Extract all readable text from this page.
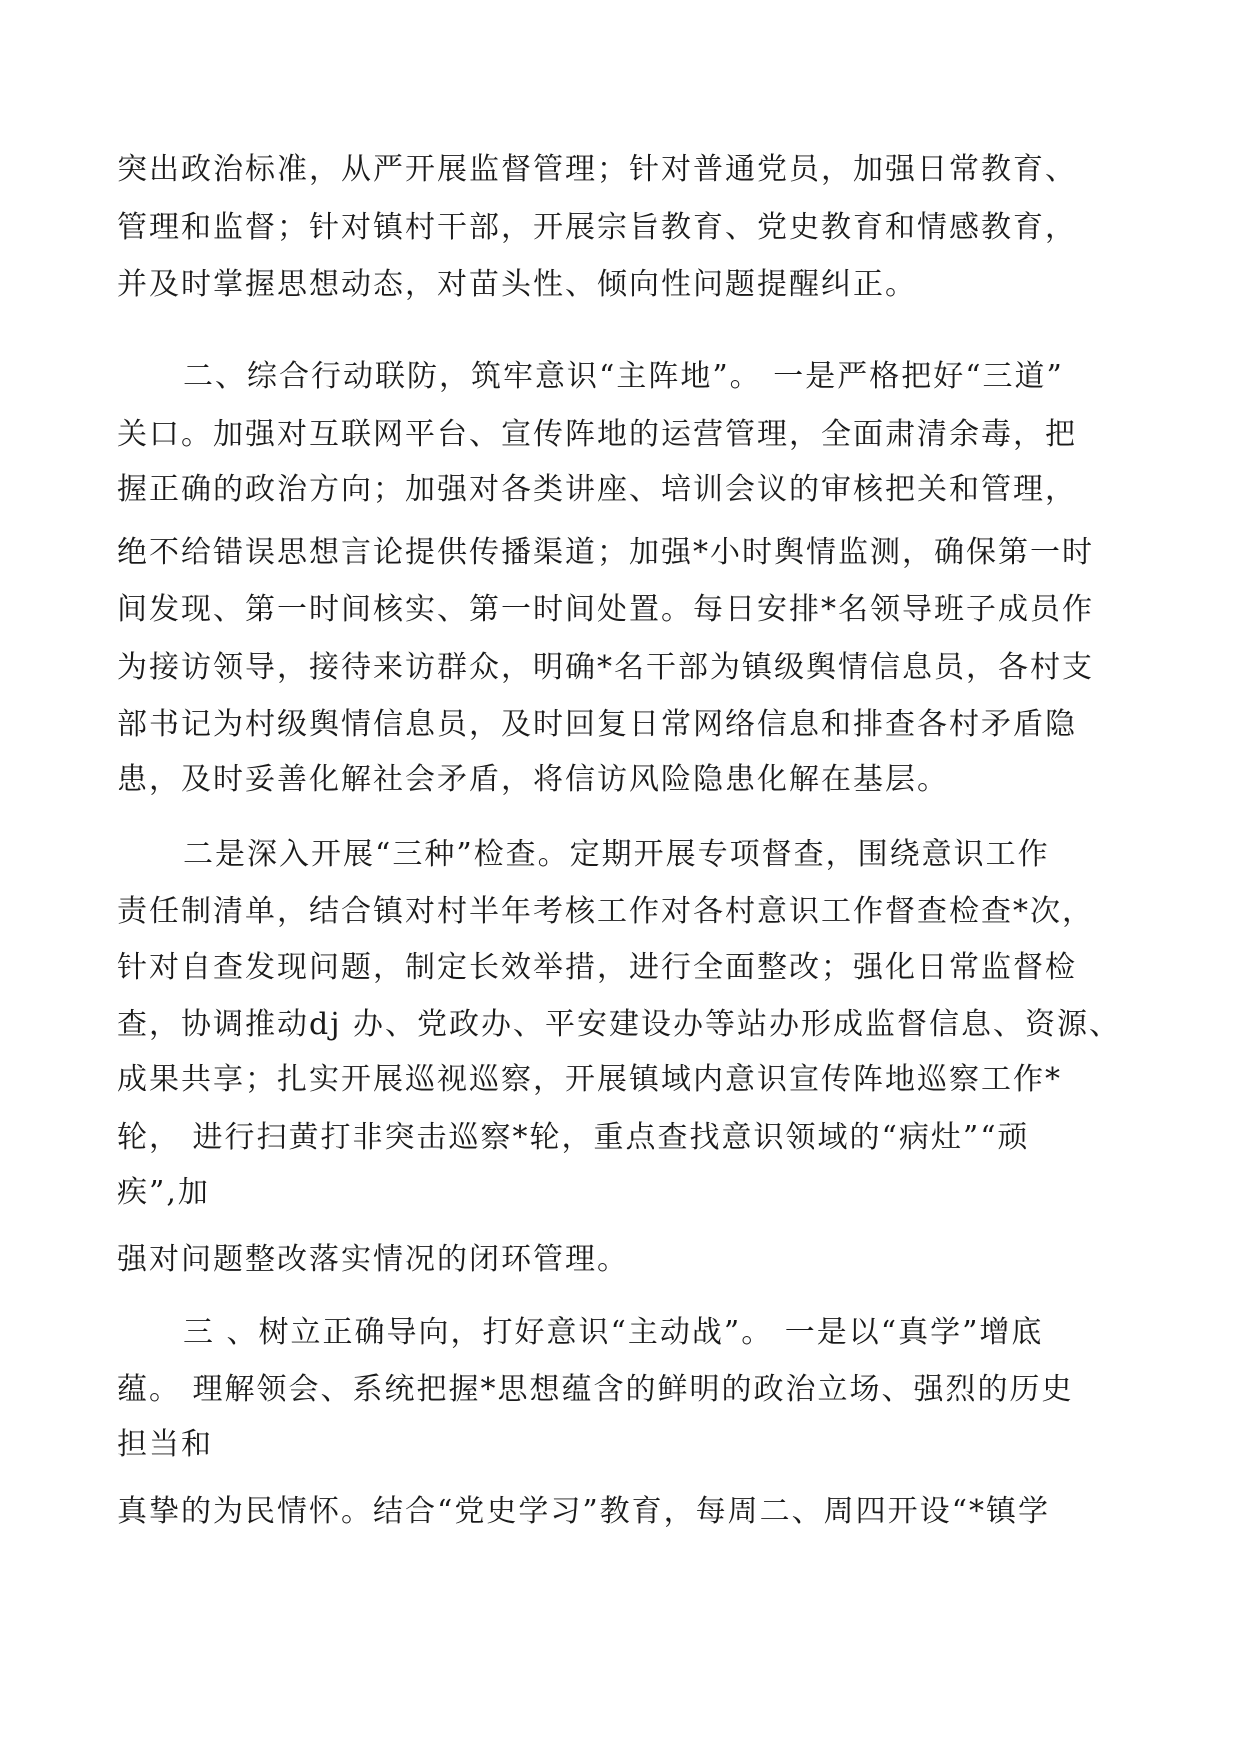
突出政治标准，从严开展监督管理；针对普通党员，加强日常教育、
管理和监督；针对镇村干部，开展宗旨教育、党史教育和情感教育，
并及时掌握思想动态，对苗头性、倾向性问题提醒纠正。
二、综合行动联防，筑牢意识“主阵地”。 一是严格把好“三道”
关口。加强对互联网平台、宣传阵地的运营管理，全面肃清余毒，把
握正确的政治方向；加强对各类讲座、培训会议的审核把关和管理，
绝不给错误思想言论提供传播渠道；加强*小时舆情监测，确保第一时
间发现、第一时间核实、第一时间处置。每日安排*名领导班子成员作
为接访领导，接待来访群众，明确*名干部为镇级舆情信息员，各村支
部书记为村级舆情信息员，及时回复日常网络信息和排查各村矛盾隐
患，及时妥善化解社会矛盾，将信访风险隐患化解在基层。
二是深入开展“三种”检查。定期开展专项督查，围绕意识工作
责任制清单，结合镇对村半年考核工作对各村意识工作督查检查*次，
针对自查发现问题，制定长效举措，进行全面整改；强化日常监督检
查，协调推动dj 办、党政办、平安建设办等站办形成监督信息、资源、
成果共享；扎实开展巡视巡察，开展镇域内意识宣传阵地巡察工作*
轮， 进行扫黄打非突击巡察*轮，重点查找意识领域的“病灶”“顽
疾”,加
强对问题整改落实情况的闭环管理。
三 、树立正确导向，打好意识“主动战”。 一是以“真学”增底
蕴。 理解领会、系统把握*思想蕴含的鲜明的政治立场、强烈的历史
担当和
真挚的为民情怀。结合“党史学习”教育，每周二、周四开设“*镇学
